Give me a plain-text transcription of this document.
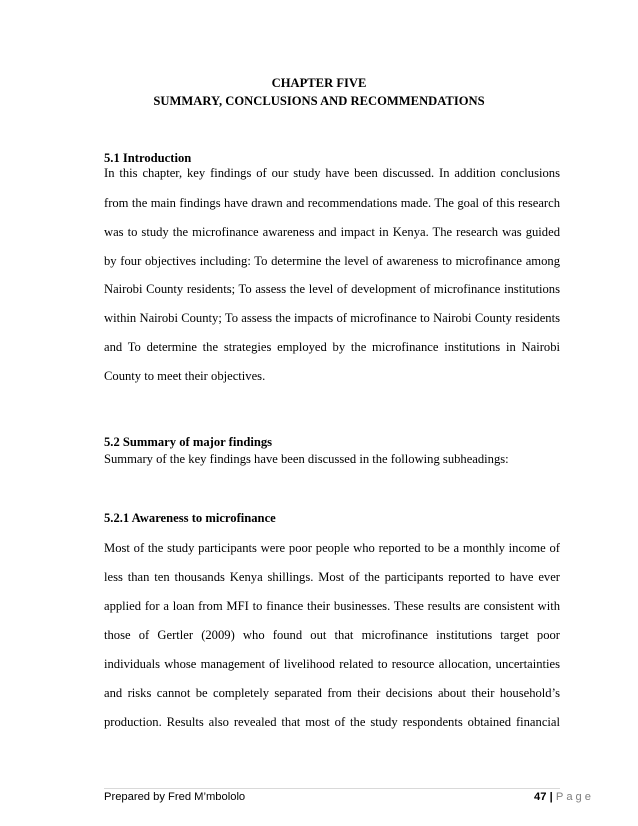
CHAPTER FIVE
SUMMARY, CONCLUSIONS AND RECOMMENDATIONS
5.1 Introduction
In this chapter, key findings of our study have been discussed. In addition conclusions
from the main findings have drawn and recommendations made. The goal of this research
was to study the microfinance awareness and impact in Kenya. The research was guided
by four objectives including: To determine the level of awareness to microfinance among
Nairobi County residents; To assess the level of development of microfinance institutions
within Nairobi County; To assess the impacts of microfinance to Nairobi County residents
and To determine the strategies employed by the microfinance institutions in Nairobi
County to meet their objectives.
5.2 Summary of major findings
Summary of the key findings have been discussed in the following subheadings:
5.2.1 Awareness to microfinance
Most of the study participants were poor people who reported to be a monthly income of
less than ten thousands Kenya shillings. Most of the participants reported to have ever
applied for a loan from MFI to finance their businesses. These results are consistent with
those of Gertler (2009) who found out that microfinance institutions target poor
individuals whose management of livelihood related to resource allocation, uncertainties
and risks cannot be completely separated from their decisions about their household’s
production. Results also revealed that most of the study respondents obtained financial
Prepared by Fred M’mbololo	47 | Page
